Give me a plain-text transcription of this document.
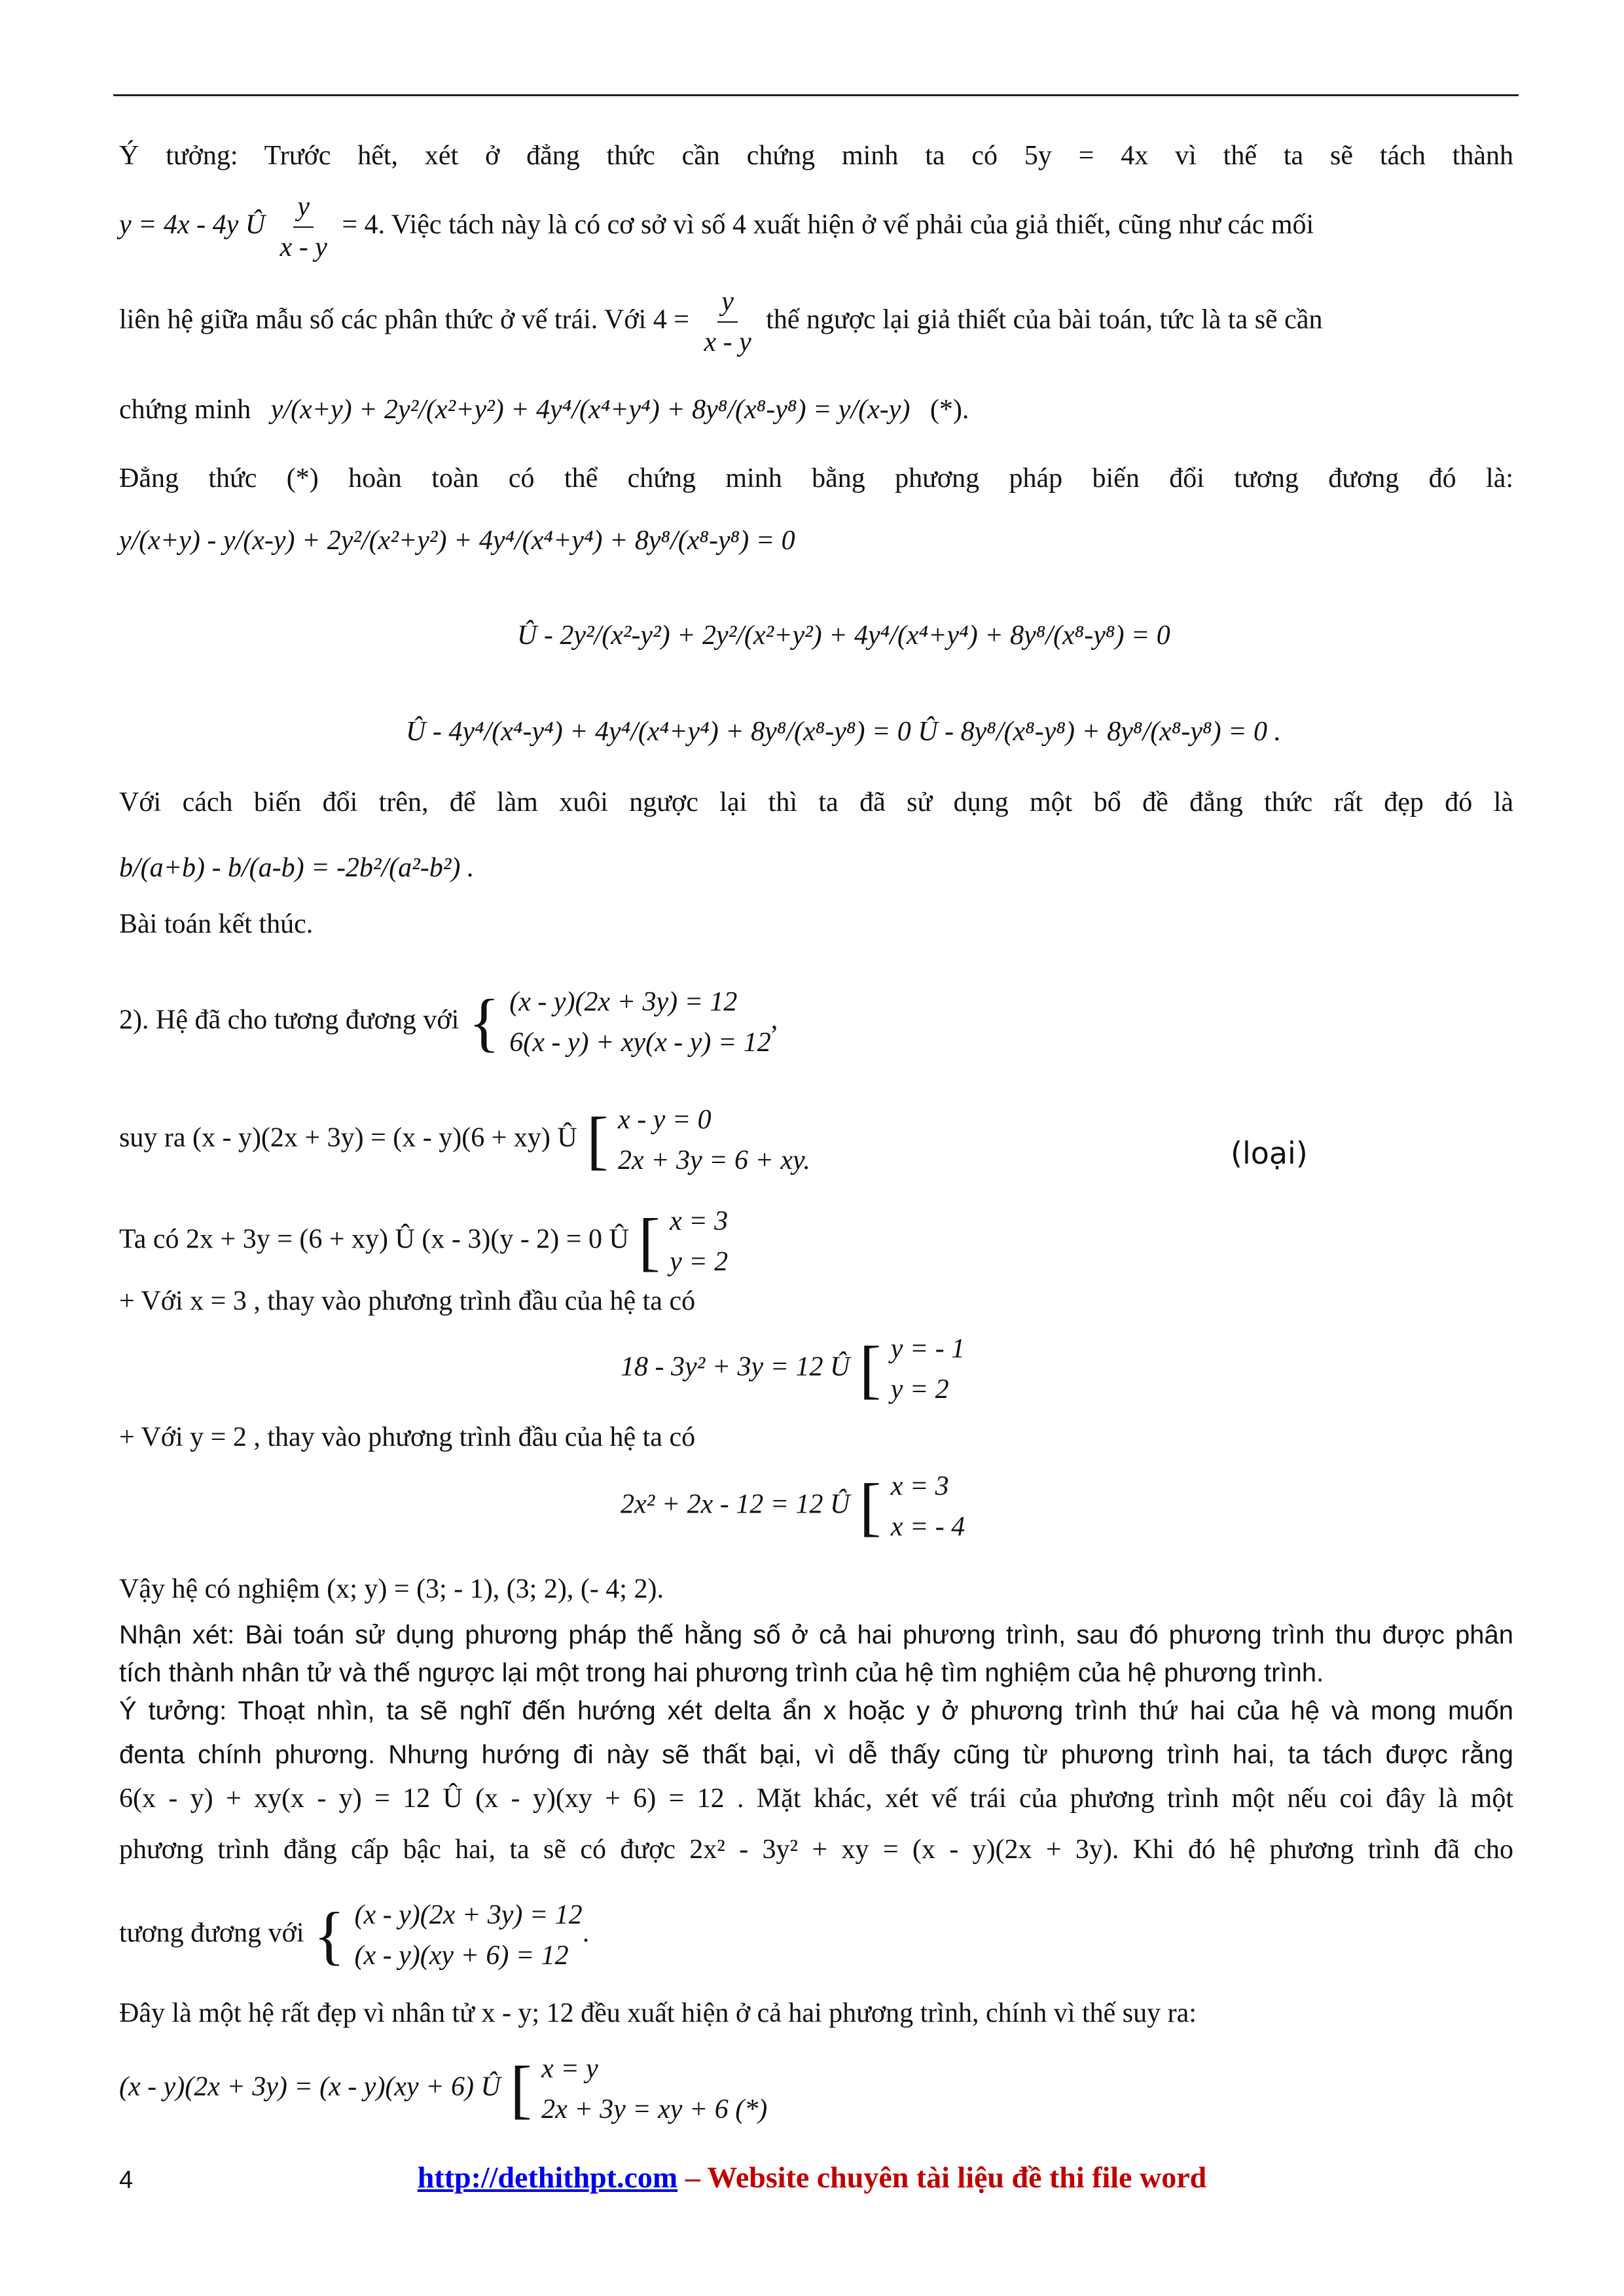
Ý tưởng: Trước hết, xét ở đẳng thức cần chứng minh ta có 5y = 4x vì thế ta sẽ tách thành
y = 4x - 4y Û $\frac{y}{x - y} = 4$. Việc tách này là có cơ sở vì số 4 xuất hiện ở vế phải của giả thiết, cũng như các mối
liên hệ giữa mẫu số các phân thức ở vế trái. Với $4 = \frac{y}{x - y}$ thế ngược lại giả thiết của bài toán, tức là ta sẽ cần
chứng minh y/(x+y) + 2y²/(x²+y²) + 4y⁴/(x⁴+y⁴) + 8y⁸/(x⁸-y⁸) = y/(x-y) (*).
Đẳng thức (*) hoàn toàn có thể chứng minh bằng phương pháp biến đổi tương đương đó là:
y/(x+y) - y/(x-y) + 2y²/(x²+y²) + 4y⁴/(x⁴+y⁴) + 8y⁸/(x⁸-y⁸) = 0
Û - 2y²/(x²-y²) + 2y²/(x²+y²) + 4y⁴/(x⁴+y⁴) + 8y⁸/(x⁸-y⁸) = 0
Û - 4y⁴/(x⁴-y⁴) + 4y⁴/(x⁴+y⁴) + 8y⁸/(x⁸-y⁸) = 0 Û - 8y⁸/(x⁸-y⁸) + 8y⁸/(x⁸-y⁸) = 0 .
Với cách biến đổi trên, để làm xuôi ngược lại thì ta đã sử dụng một bổ đề đẳng thức rất đẹp đó là
b/(a+b) - b/(a-b) = -2b²/(a²-b²) .
Bài toán kết thúc.
2). Hệ đã cho tương đương với { (x - y)(2x + 3y) = 12
6(x - y) + xy(x - y) = 12
,
suy ra (x - y)(2x + 3y) = (x - y)(6 + xy) Û [ x - y = 0
2x + 3y = 6 + xy.	(loại)
Ta có 2x + 3y = (6 + xy) Û (x - 3)(y - 2) = 0 Û [ x = 3
y = 2
+ Với x = 3 , thay vào phương trình đầu của hệ ta có
18 - 3y² + 3y = 12 Û [ y = - 1
y = 2
+ Với y = 2 , thay vào phương trình đầu của hệ ta có
2x² + 2x - 12 = 12 Û [ x = 3
x = - 4
Vậy hệ có nghiệm (x; y) = (3; - 1), (3; 2), (- 4; 2).
Nhận xét: Bài toán sử dụng phương pháp thế hằng số ở cả hai phương trình, sau đó phương trình thu được phân
tích thành nhân tử và thế ngược lại một trong hai phương trình của hệ tìm nghiệm của hệ phương trình.
Ý tưởng: Thoạt nhìn, ta sẽ nghĩ đến hướng xét delta ẩn x hoặc y ở phương trình thứ hai của hệ và mong muốn
đenta chính phương. Nhưng hướng đi này sẽ thất bại, vì dễ thấy cũng từ phương trình hai, ta tách được rằng
6(x - y) + xy(x - y) = 12 Û (x - y)(xy + 6) = 12 . Mặt khác, xét vế trái của phương trình một nếu coi đây là một
phương trình đẳng cấp bậc hai, ta sẽ có được 2x² - 3y² + xy = (x - y)(2x + 3y). Khi đó hệ phương trình đã cho
tương đương với { (x - y)(2x + 3y) = 12
(x - y)(xy + 6) = 12
.
Đây là một hệ rất đẹp vì nhân tử x - y; 12 đều xuất hiện ở cả hai phương trình, chính vì thế suy ra:
(x - y)(2x + 3y) = (x - y)(xy + 6) Û [ x = y
2x + 3y = xy + 6 (*)
4	http://dethithpt.com – Website chuyên tài liệu đề thi file word
